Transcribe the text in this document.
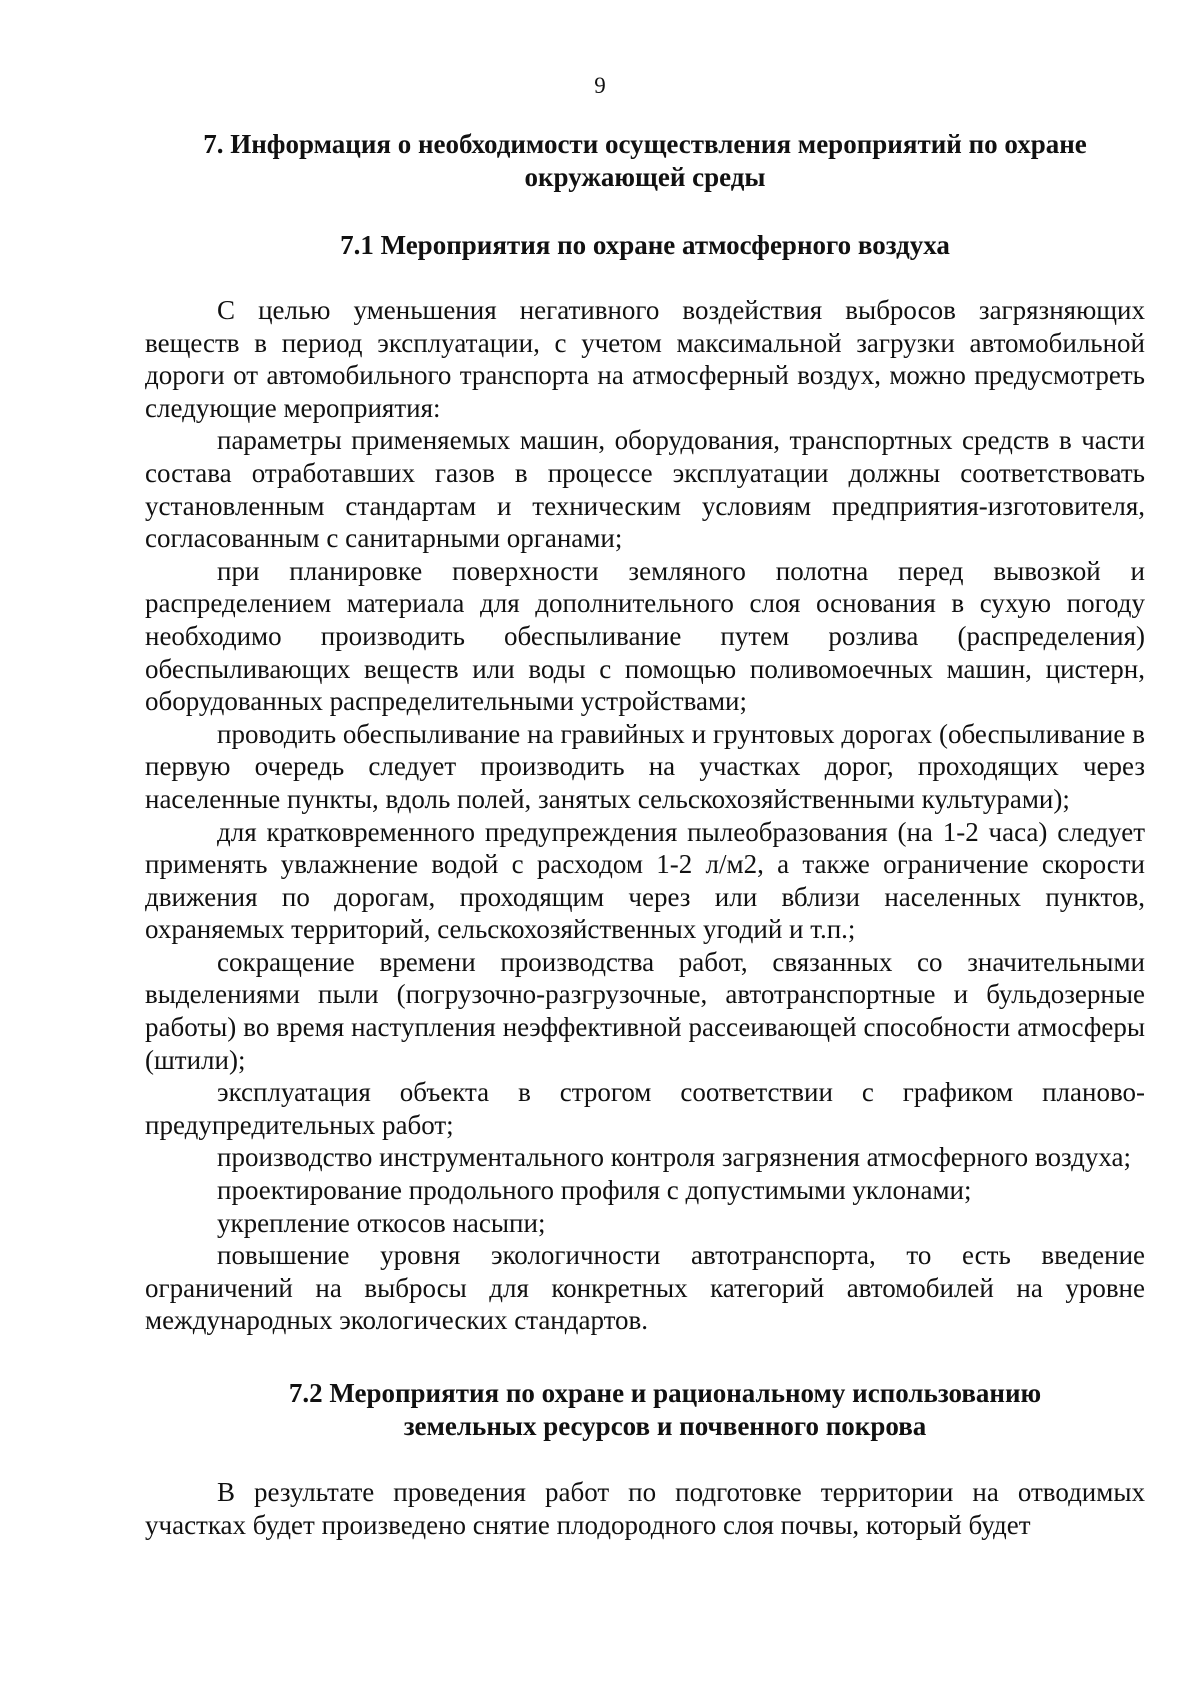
9
7. Информация о необходимости осуществления мероприятий по охране
окружающей среды
7.1 Мероприятия по охране атмосферного воздуха

С целью уменьшения негативного воздействия выбросов загрязняющих веществ в период эксплуатации, с учетом максимальной загрузки автомобильной дороги от автомобильного транспорта на атмосферный воздух, можно предусмотреть следующие мероприятия:

параметры применяемых машин, оборудования, транспортных средств в части состава отработавших газов в процессе эксплуатации должны соответствовать установленным стандартам и техническим условиям предприятия-изготовителя, согласованным с санитарными органами;

при планировке поверхности земляного полотна перед вывозкой и распределением материала для дополнительного слоя основания в сухую погоду необходимо производить обеспыливание путем розлива (распределения) обеспыливающих веществ или воды с помощью поливомоечных машин, цистерн, оборудованных распределительными устройствами;

проводить обеспыливание на гравийных и грунтовых дорогах (обеспыливание в первую очередь следует производить на участках дорог, проходящих через населенные пункты, вдоль полей, занятых сельскохозяйственными культурами);

для кратковременного предупреждения пылеобразования (на 1-2 часа) следует применять увлажнение водой с расходом 1-2 л/м2, а также ограничение скорости движения по дорогам, проходящим через или вблизи населенных пунктов, охраняемых территорий, сельскохозяйственных угодий и т.п.;

сокращение времени производства работ, связанных со значительными выделениями пыли (погрузочно-разгрузочные, автотранспортные и бульдозерные работы) во время наступления неэффективной рассеивающей способности атмосферы (штили);

эксплуатация объекта в строгом соответствии с графиком планово-предупредительных работ;

производство инструментального контроля загрязнения атмосферного воздуха;

проектирование продольного профиля с допустимыми уклонами;

укрепление откосов насыпи;

повышение уровня экологичности автотранспорта, то есть введение ограничений на выбросы для конкретных категорий автомобилей на уровне международных экологических стандартов.

7.2 Мероприятия по охране и рациональному использованию
земельных ресурсов и почвенного покрова

В результате проведения работ по подготовке территории на отводимых участках будет произведено снятие плодородного слоя почвы, который будет
